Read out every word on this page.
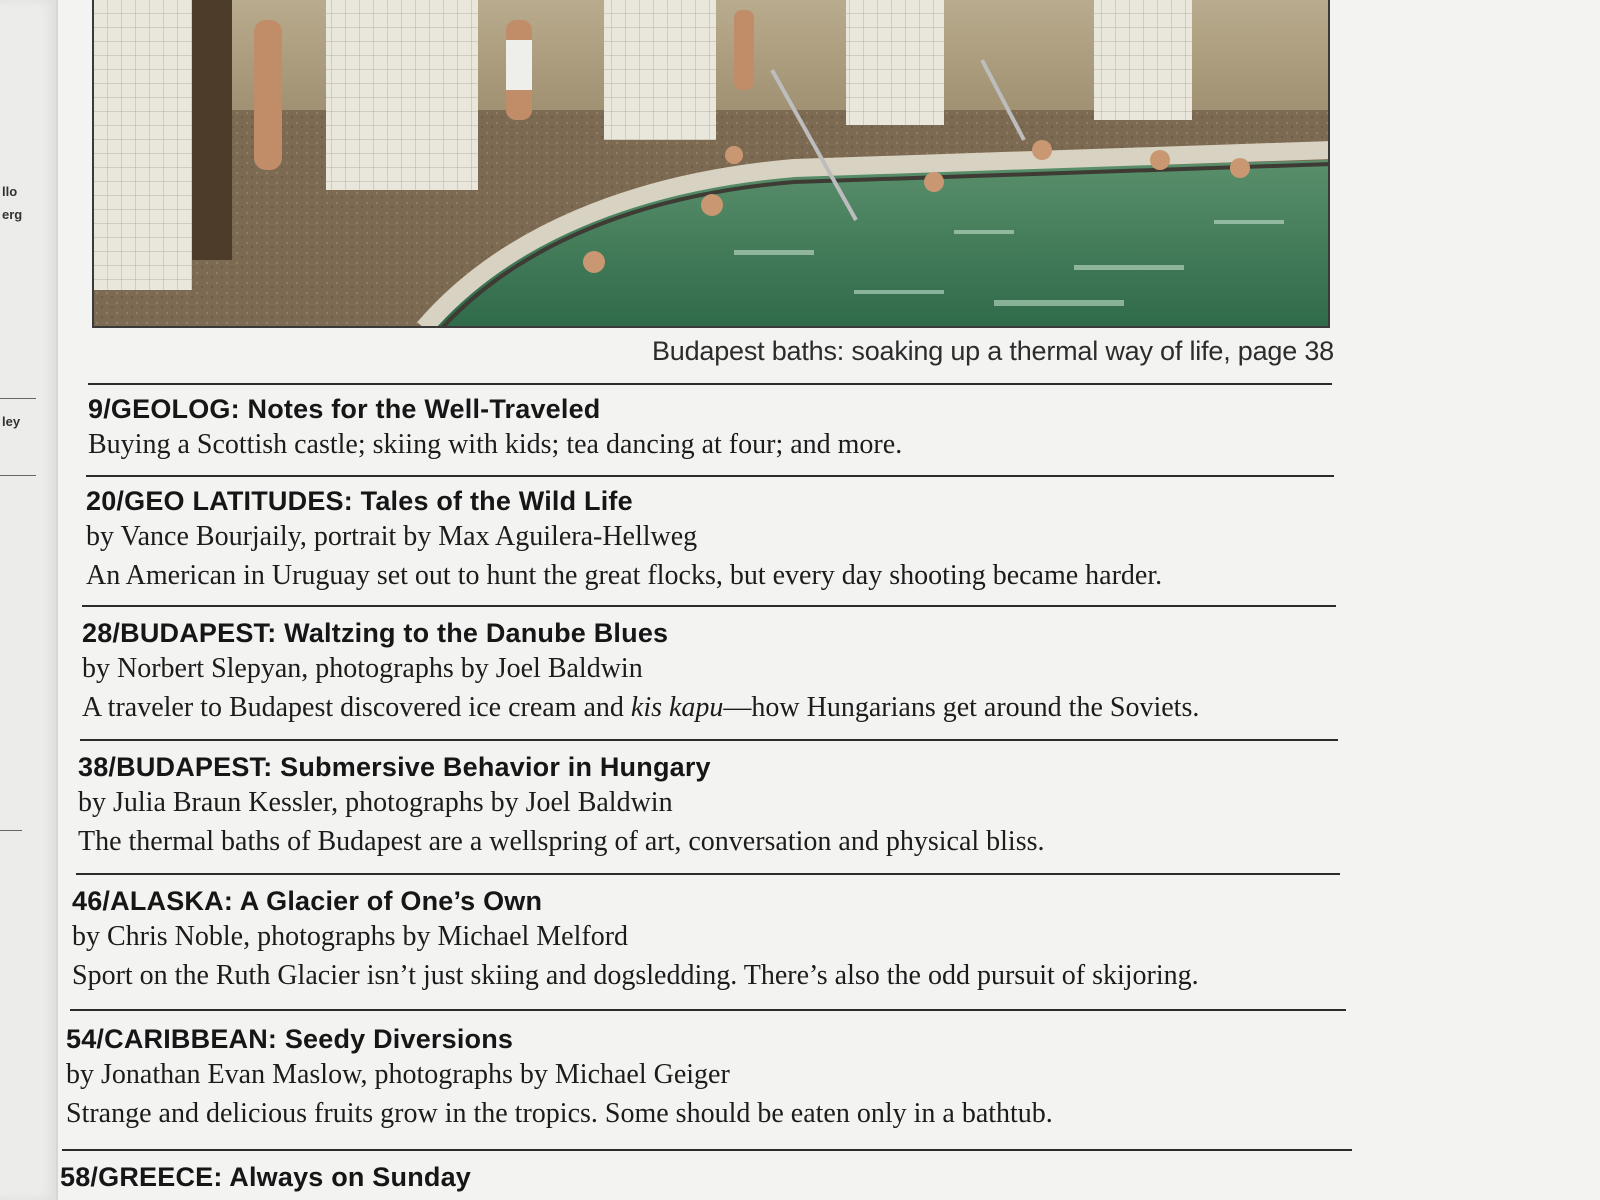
llo
erg
ley
Budapest baths: soaking up a thermal way of life, page 38
9/GEOLOG: Notes for the Well-Traveled
Buying a Scottish castle; skiing with kids; tea dancing at four; and more.
20/GEO LATITUDES: Tales of the Wild Life
by Vance Bourjaily, portrait by Max Aguilera-Hellweg
An American in Uruguay set out to hunt the great flocks, but every day shooting became harder.
28/BUDAPEST: Waltzing to the Danube Blues
by Norbert Slepyan, photographs by Joel Baldwin
A traveler to Budapest discovered ice cream and kis kapu—how Hungarians get around the Soviets.
38/BUDAPEST: Submersive Behavior in Hungary
by Julia Braun Kessler, photographs by Joel Baldwin
The thermal baths of Budapest are a wellspring of art, conversation and physical bliss.
46/ALASKA: A Glacier of One’s Own
by Chris Noble, photographs by Michael Melford
Sport on the Ruth Glacier isn’t just skiing and dogsledding. There’s also the odd pursuit of skijoring.
54/CARIBBEAN: Seedy Diversions
by Jonathan Evan Maslow, photographs by Michael Geiger
Strange and delicious fruits grow in the tropics. Some should be eaten only in a bathtub.
58/GREECE: Always on Sunday
